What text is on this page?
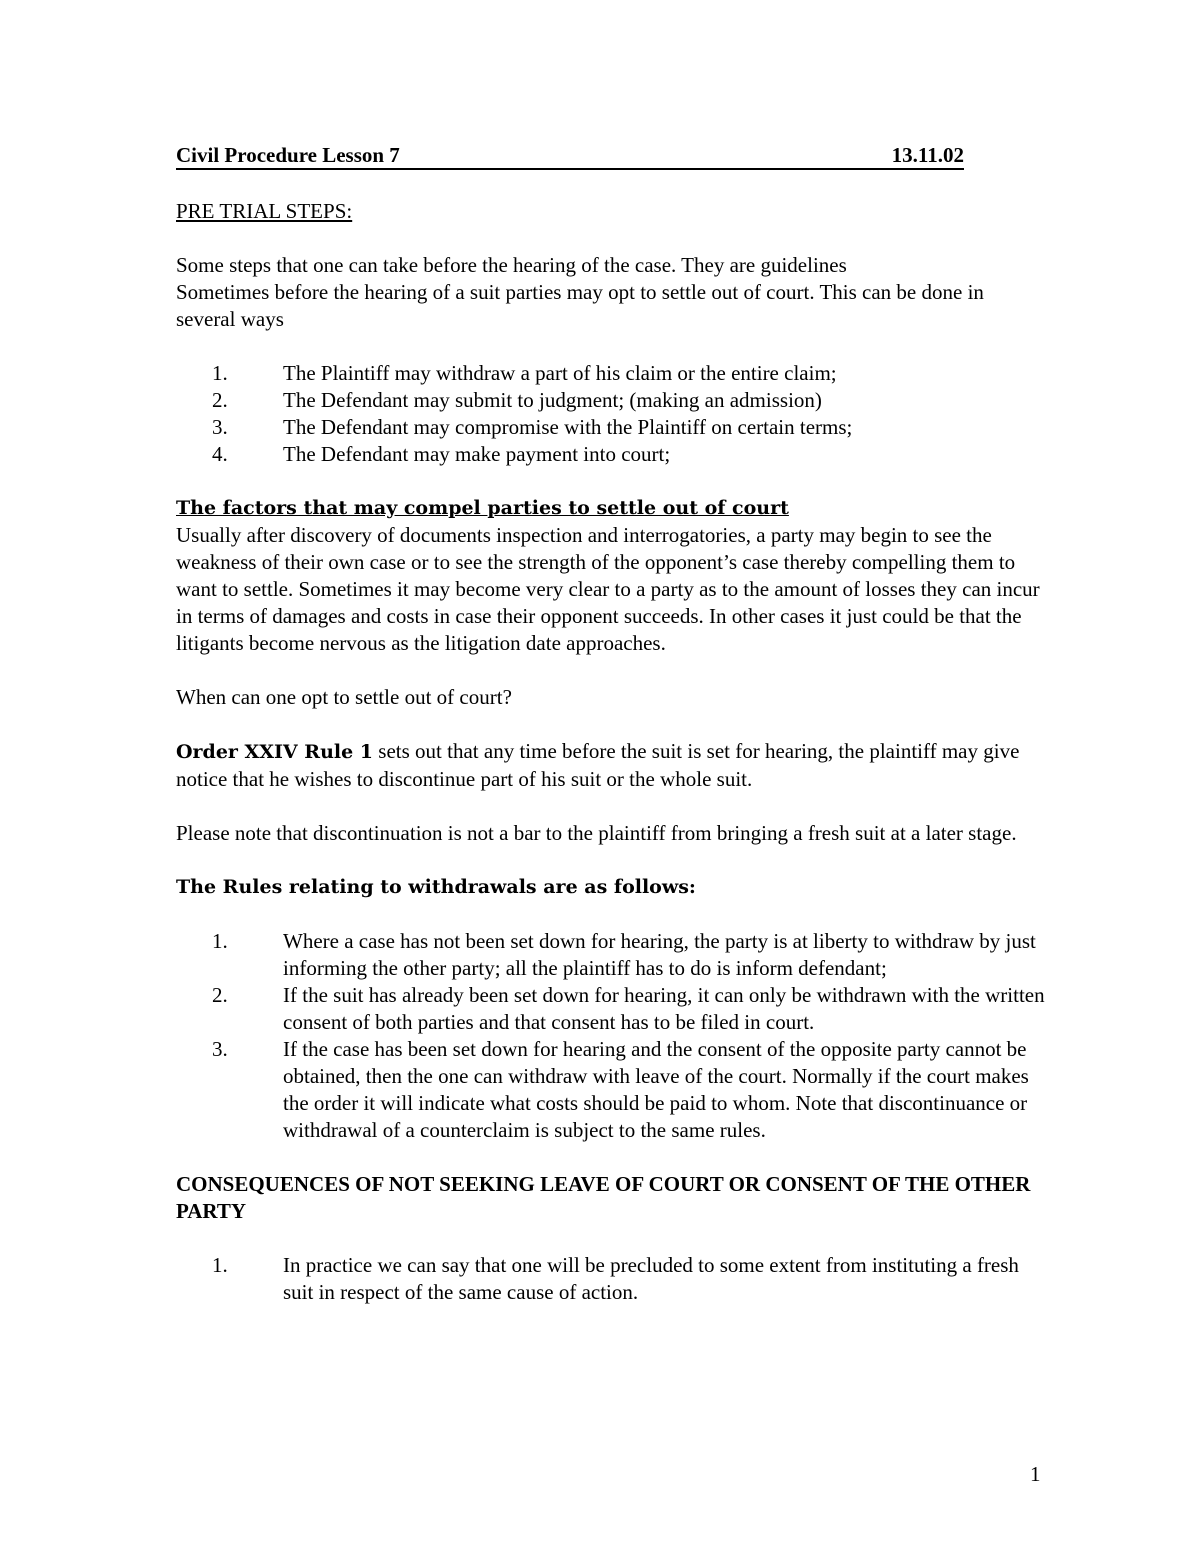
Civil Procedure Lesson 7	13.11.02

PRE TRIAL STEPS:

Some steps that one can take before the hearing of the case. They are guidelines

Sometimes before the hearing of a suit parties may opt to settle out of court. This can be done in several ways

1.	The Plaintiff may withdraw a part of his claim or the entire claim;
2.	The Defendant may submit to judgment; (making an admission)
3.	The Defendant may compromise with the Plaintiff on certain terms;
4.	The Defendant may make payment into court;

The factors that may compel parties to settle out of court

Usually after discovery of documents inspection and interrogatories, a party may begin to see the weakness of their own case or to see the strength of the opponent’s case thereby compelling them to want to settle. Sometimes it may become very clear to a party as to the amount of losses they can incur in terms of damages and costs in case their opponent succeeds. In other cases it just could be that the litigants become nervous as the litigation date approaches.

When can one opt to settle out of court?

Order XXIV Rule 1 sets out that any time before the suit is set for hearing, the plaintiff may give notice that he wishes to discontinue part of his suit or the whole suit.

Please note that discontinuation is not a bar to the plaintiff from bringing a fresh suit at a later stage.

The Rules relating to withdrawals are as follows:

1.	Where a case has not been set down for hearing, the party is at liberty to withdraw by just informing the other party; all the plaintiff has to do is inform defendant;
2.	If the suit has already been set down for hearing, it can only be withdrawn with the written consent of both parties and that consent has to be filed in court.
3.	If the case has been set down for hearing and the consent of the opposite party cannot be obtained, then the one can withdraw with leave of the court. Normally if the court makes the order it will indicate what costs should be paid to whom. Note that discontinuance or withdrawal of a counterclaim is subject to the same rules.

CONSEQUENCES OF NOT SEEKING LEAVE OF COURT OR CONSENT OF THE OTHER PARTY

1.	In practice we can say that one will be precluded to some extent from instituting a fresh suit in respect of the same cause of action.
1
